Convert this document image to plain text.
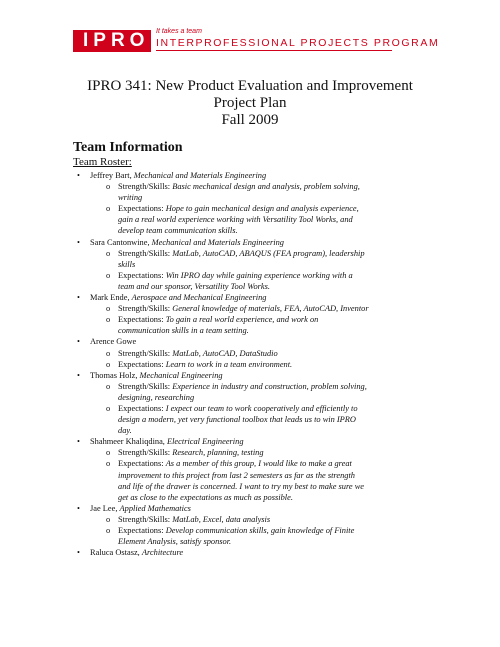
IPRO It takes a team
INTERPROFESSIONAL PROJECTS PROGRAM
IPRO 341: New Product Evaluation and Improvement
Project Plan
Fall 2009
Team Information
Team Roster:
• Jeffrey Bart, Mechanical and Materials Engineering
o Strength/Skills: Basic mechanical design and analysis, problem solving,
writing
o Expectations: Hope to gain mechanical design and analysis experience,
gain a real world experience working with Versatility Tool Works, and
develop team communication skills.
• Sara Cantonwine, Mechanical and Materials Engineering
o Strength/Skills: MatLab, AutoCAD, ABAQUS (FEA program), leadership
skills
o Expectations: Win IPRO day while gaining experience working with a
team and our sponsor, Versatility Tool Works.
• Mark Ende, Aerospace and Mechanical Engineering
o Strength/Skills: General knowledge of materials, FEA, AutoCAD, Inventor
o Expectations: To gain a real world experience, and work on
communication skills in a team setting.
• Arence Gowe
o Strength/Skills: MatLab, AutoCAD, DataStudio
o Expectations: Learn to work in a team environment.
• Thomas Holz, Mechanical Engineering
o Strength/Skills: Experience in industry and construction, problem solving,
designing, researching
o Expectations: I expect our team to work cooperatively and efficiently to
design a modern, yet very functional toolbox that leads us to win IPRO
day.
• Shahmeer Khaliqdina, Electrical Engineering
o Strength/Skills: Research, planning, testing
o Expectations: As a member of this group, I would like to make a great
improvement to this project from last 2 semesters as far as the strength
and life of the drawer is concerned. I want to try my best to make sure we
get as close to the expectations as much as possible.
• Jae Lee, Applied Mathematics
o Strength/Skills: MatLab, Excel, data analysis
o Expectations: Develop communication skills, gain knowledge of Finite
Element Analysis, satisfy sponsor.
• Raluca Ostasz, Architecture
